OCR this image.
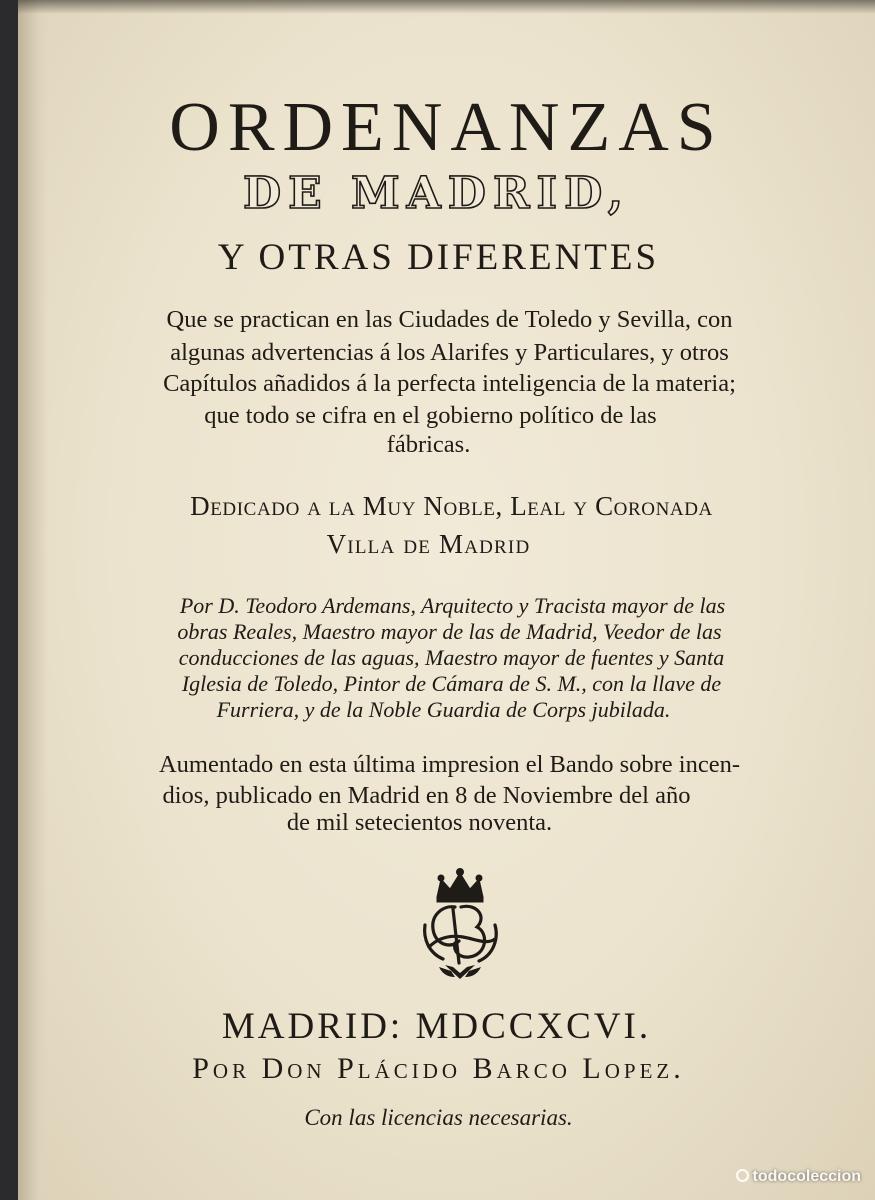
ORDENANZAS
DE MADRID,
Y OTRAS DIFERENTES
Que se practican en las Ciudades de Toledo y Sevilla, con
algunas advertencias á los Alarifes y Particulares, y otros
Capítulos añadidos á la perfecta inteligencia de la materia;
que todo se cifra en el gobierno político de las
fábricas.
Dedicado a la Muy Noble, Leal y Coronada
Villa de Madrid
Por D. Teodoro Ardemans, Arquitecto y Tracista mayor de las
obras Reales, Maestro mayor de las de Madrid, Veedor de las
conducciones de las aguas, Maestro mayor de fuentes y Santa
Iglesia de Toledo, Pintor de Cámara de S. M., con la llave de
Furriera, y de la Noble Guardia de Corps jubilada.
Aumentado en esta última impresion el Bando sobre incen-
dios, publicado en Madrid en 8 de Noviembre del año
de mil setecientos noventa.
MADRID: MDCCXCVI.
Por Don Plácido Barco Lopez.
Con las licencias necesarias.
todocoleccion
